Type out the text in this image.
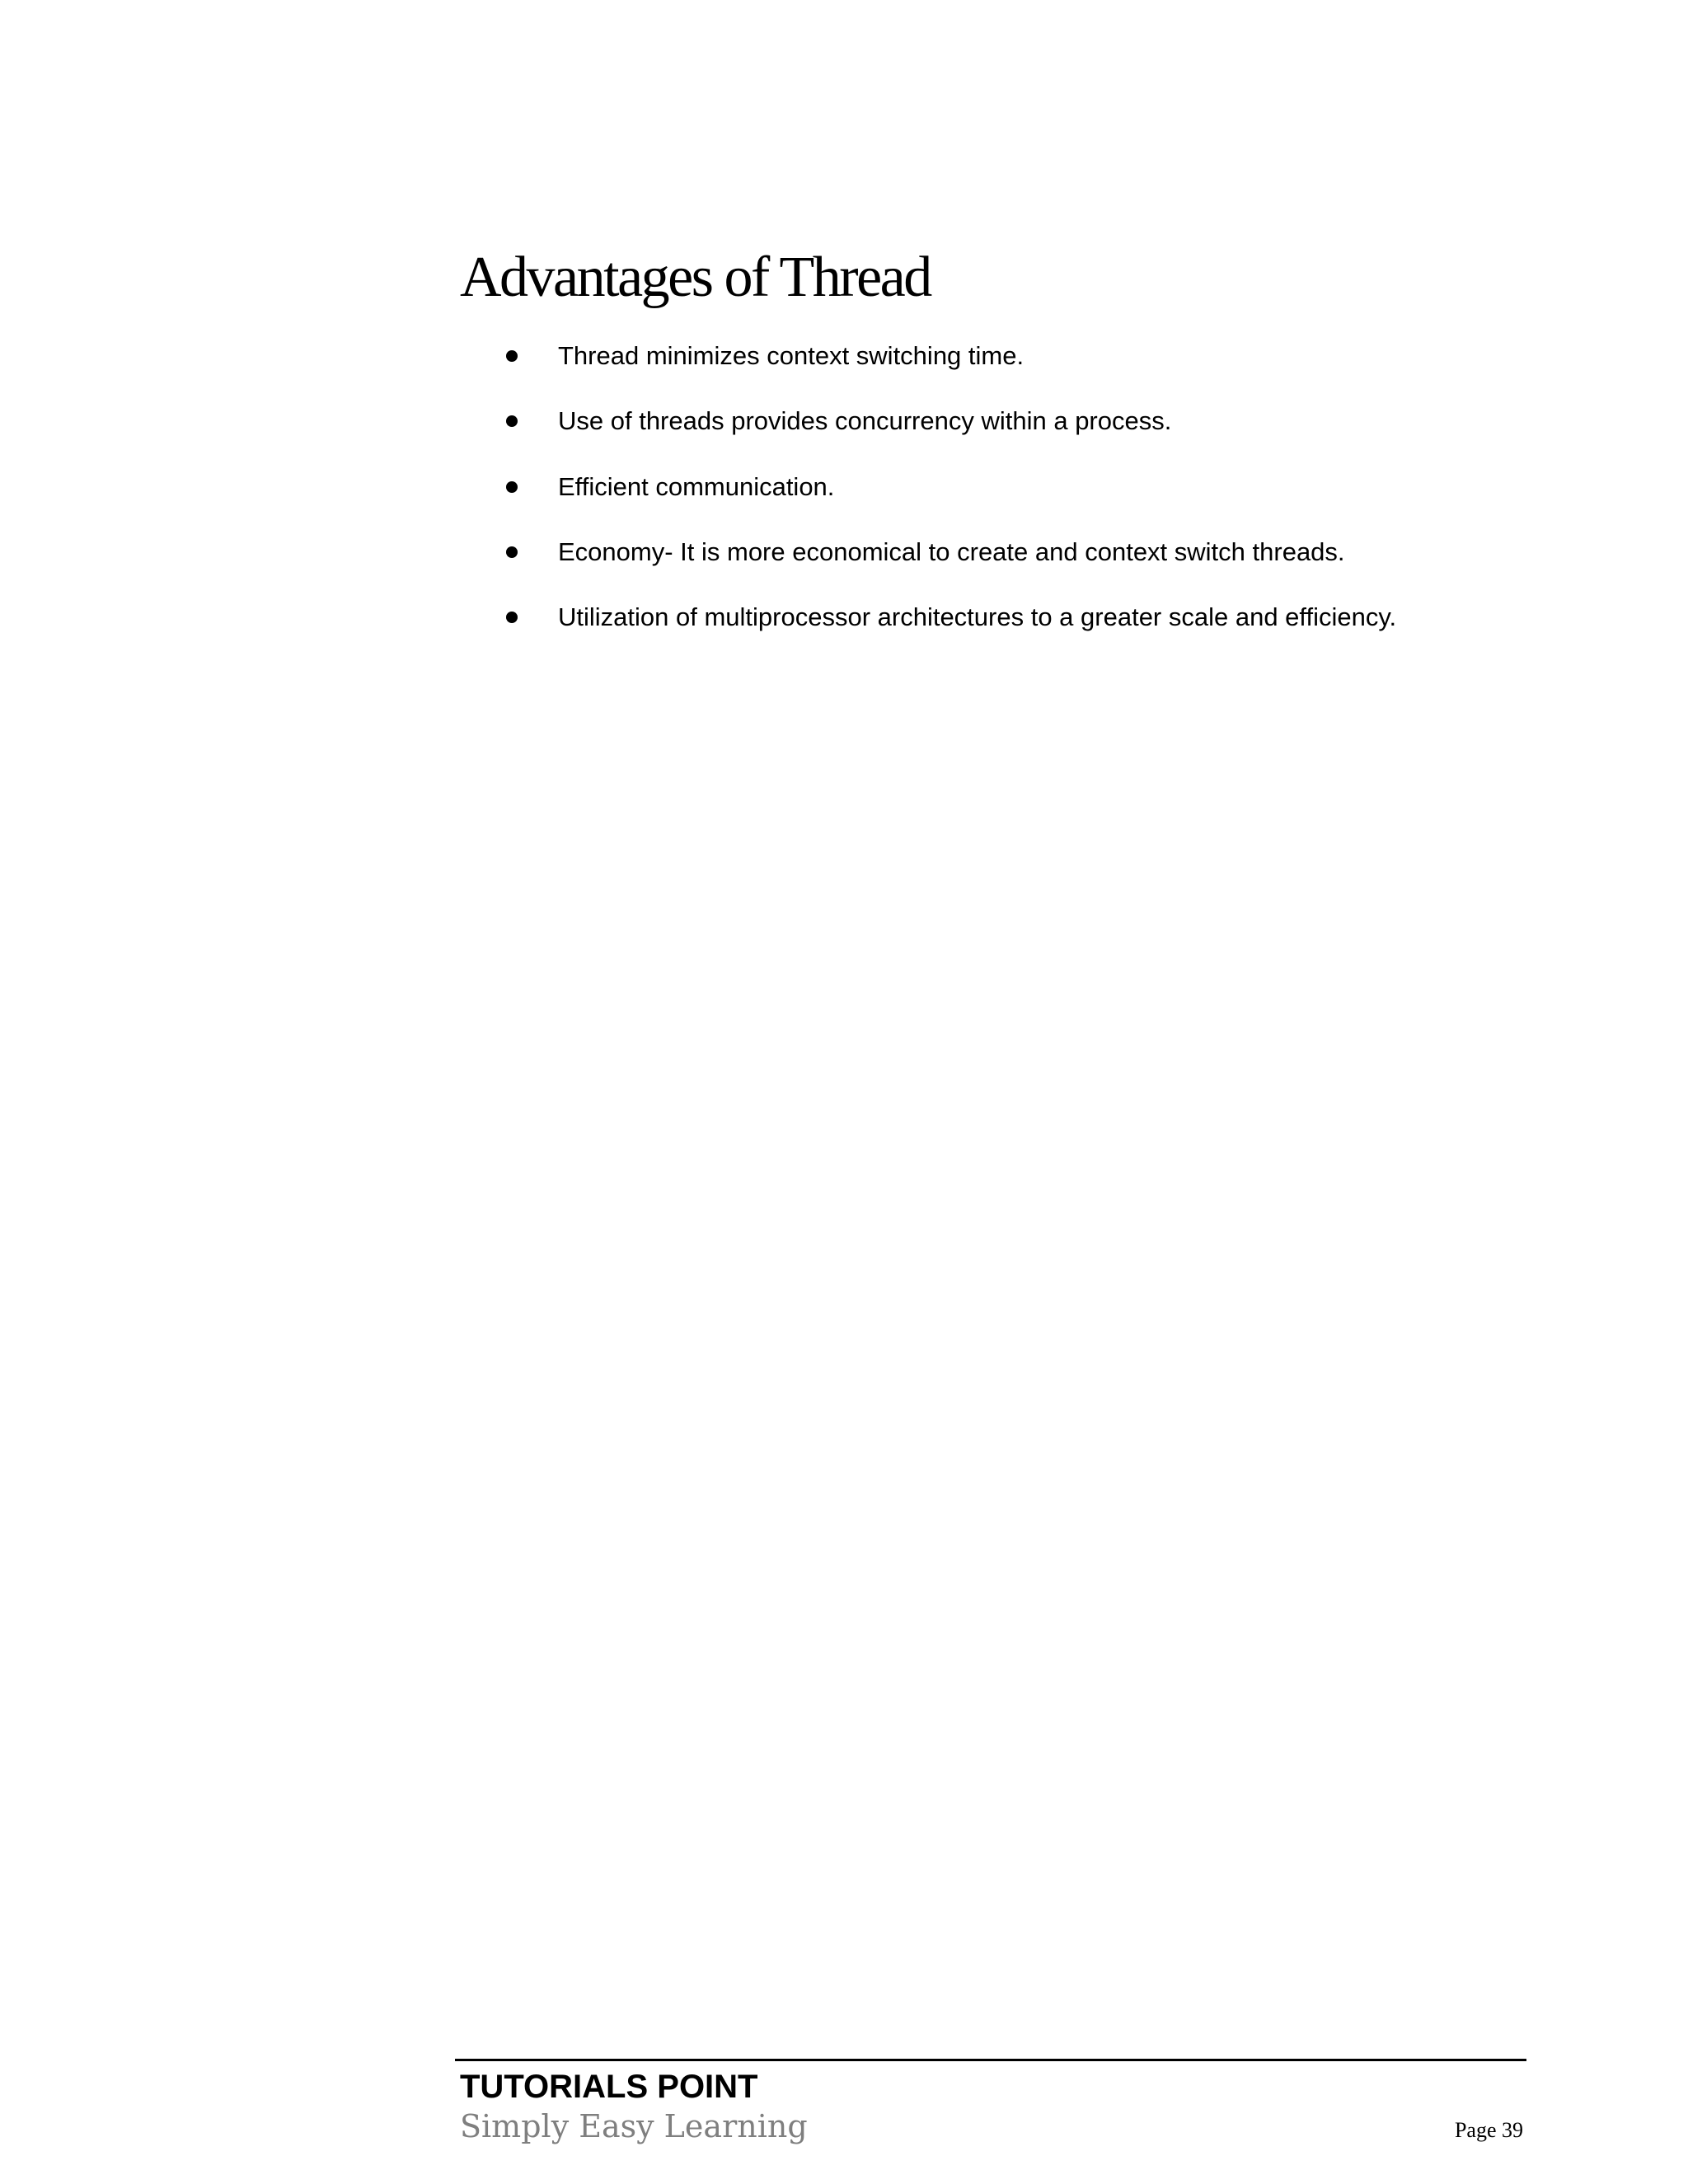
Advantages of Thread
Thread minimizes context switching time.
Use of threads provides concurrency within a process.
Efficient communication.
Economy- It is more economical to create and context switch threads.
Utilization of multiprocessor architectures to a greater scale and efficiency.
TUTORIALS POINT
Simply Easy Learning	Page 39
